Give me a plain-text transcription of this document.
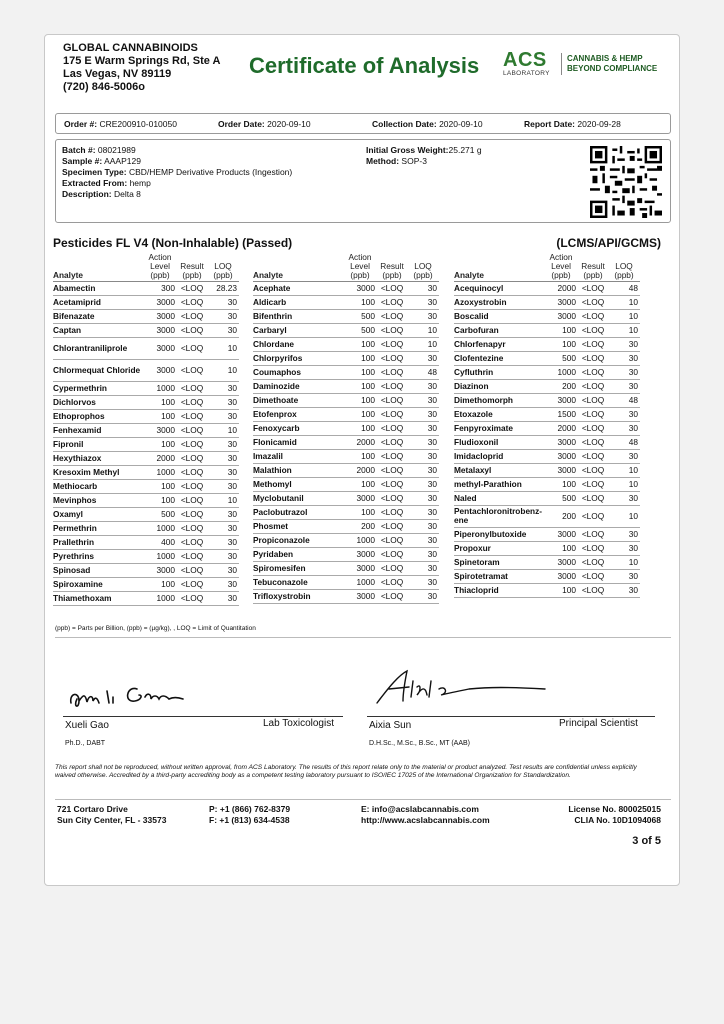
GLOBAL CANNABINOIDS
175 E Warm Springs Rd, Ste A
Las Vegas, NV 89119
(720) 846-5006o
Certificate of Analysis ACS
LABORATORY
CANNABIS & HEMP
BEYOND COMPLIANCE
Order #: CRE200910-010050	Order Date: 2020-09-10	Collection Date: 2020-09-10	Report Date: 2020-09-28
Batch #: 08021989
Sample #: AAAP129
Specimen Type: CBD/HEMP Derivative Products (Ingestion)
Extracted From: hemp
Description: Delta 8
Initial Gross Weight:25.271 g
Method: SOP-3
Pesticides FL V4 (Non-Inhalable) (Passed)	(LCMS/API/GCMS)
Analyte	Action
Level
(ppb)	Result
(ppb)	LOQ
(ppb)
Abamectin	300	<LOQ	28.23
Acetamiprid	3000	<LOQ	30
Bifenazate	3000	<LOQ	30
Captan	3000	<LOQ	30
Chlorantraniliprole	3000	<LOQ	10
Chlormequat Chloride	3000	<LOQ	10
Cypermethrin	1000	<LOQ	30
Dichlorvos	100	<LOQ	30
Ethoprophos	100	<LOQ	30
Fenhexamid	3000	<LOQ	10
Fipronil	100	<LOQ	30
Hexythiazox	2000	<LOQ	30
Kresoxim Methyl	1000	<LOQ	30
Methiocarb	100	<LOQ	30
Mevinphos	100	<LOQ	10
Oxamyl	500	<LOQ	30
Permethrin	1000	<LOQ	30
Prallethrin	400	<LOQ	30
Pyrethrins	1000	<LOQ	30
Spinosad	3000	<LOQ	30
Spiroxamine	100	<LOQ	30
Thiamethoxam	1000	<LOQ	30
Analyte	Action
Level
(ppb)	Result
(ppb)	LOQ
(ppb)
Acephate	3000	<LOQ	30
Aldicarb	100	<LOQ	30
Bifenthrin	500	<LOQ	30
Carbaryl	500	<LOQ	10
Chlordane	100	<LOQ	10
Chlorpyrifos	100	<LOQ	30
Coumaphos	100	<LOQ	48
Daminozide	100	<LOQ	30
Dimethoate	100	<LOQ	30
Etofenprox	100	<LOQ	30
Fenoxycarb	100	<LOQ	30
Flonicamid	2000	<LOQ	30
Imazalil	100	<LOQ	30
Malathion	2000	<LOQ	30
Methomyl	100	<LOQ	30
Myclobutanil	3000	<LOQ	30
Paclobutrazol	100	<LOQ	30
Phosmet	200	<LOQ	30
Propiconazole	1000	<LOQ	30
Pyridaben	3000	<LOQ	30
Spiromesifen	3000	<LOQ	30
Tebuconazole	1000	<LOQ	30
Trifloxystrobin	3000	<LOQ	30
Analyte	Action
Level
(ppb)	Result
(ppb)	LOQ
(ppb)
Acequinocyl	2000	<LOQ	48
Azoxystrobin	3000	<LOQ	10
Boscalid	3000	<LOQ	10
Carbofuran	100	<LOQ	10
Chlorfenapyr	100	<LOQ	30
Clofentezine	500	<LOQ	30
Cyfluthrin	1000	<LOQ	30
Diazinon	200	<LOQ	30
Dimethomorph	3000	<LOQ	48
Etoxazole	1500	<LOQ	30
Fenpyroximate	2000	<LOQ	30
Fludioxonil	3000	<LOQ	48
Imidacloprid	3000	<LOQ	30
Metalaxyl	3000	<LOQ	10
methyl-Parathion	100	<LOQ	10
Naled	500	<LOQ	30
Pentachloronitrobenz-ene	200	<LOQ	10
Piperonylbutoxide	3000	<LOQ	30
Propoxur	100	<LOQ	30
Spinetoram	3000	<LOQ	10
Spirotetramat	3000	<LOQ	30
Thiacloprid	100	<LOQ	30
(ppb) = Parts per Billion, (ppb) = (µg/kg), , LOQ = Limit of Quantitation
Xueli Gao	Lab Toxicologist
Ph.D., DABT
Aixia Sun	Principal Scientist
D.H.Sc., M.Sc., B.Sc., MT (AAB)
This report shall not be reproduced, without written approval, from ACS Laboratory. The results of this report relate only to the material or product analyzed. Test results are confidential unless explicitly waived otherwise. Accredited by a third-party accrediting body as a competent testing laboratory pursuant to ISO/IEC 17025 of the International Organization for Standardization.
721 Cortaro Drive
Sun City Center, FL - 33573
P: +1 (866) 762-8379
F: +1 (813) 634-4538
E: info@acslabcannabis.com
http://www.acslabcannabis.com
License No. 800025015
CLIA No. 10D1094068
3 of 5
